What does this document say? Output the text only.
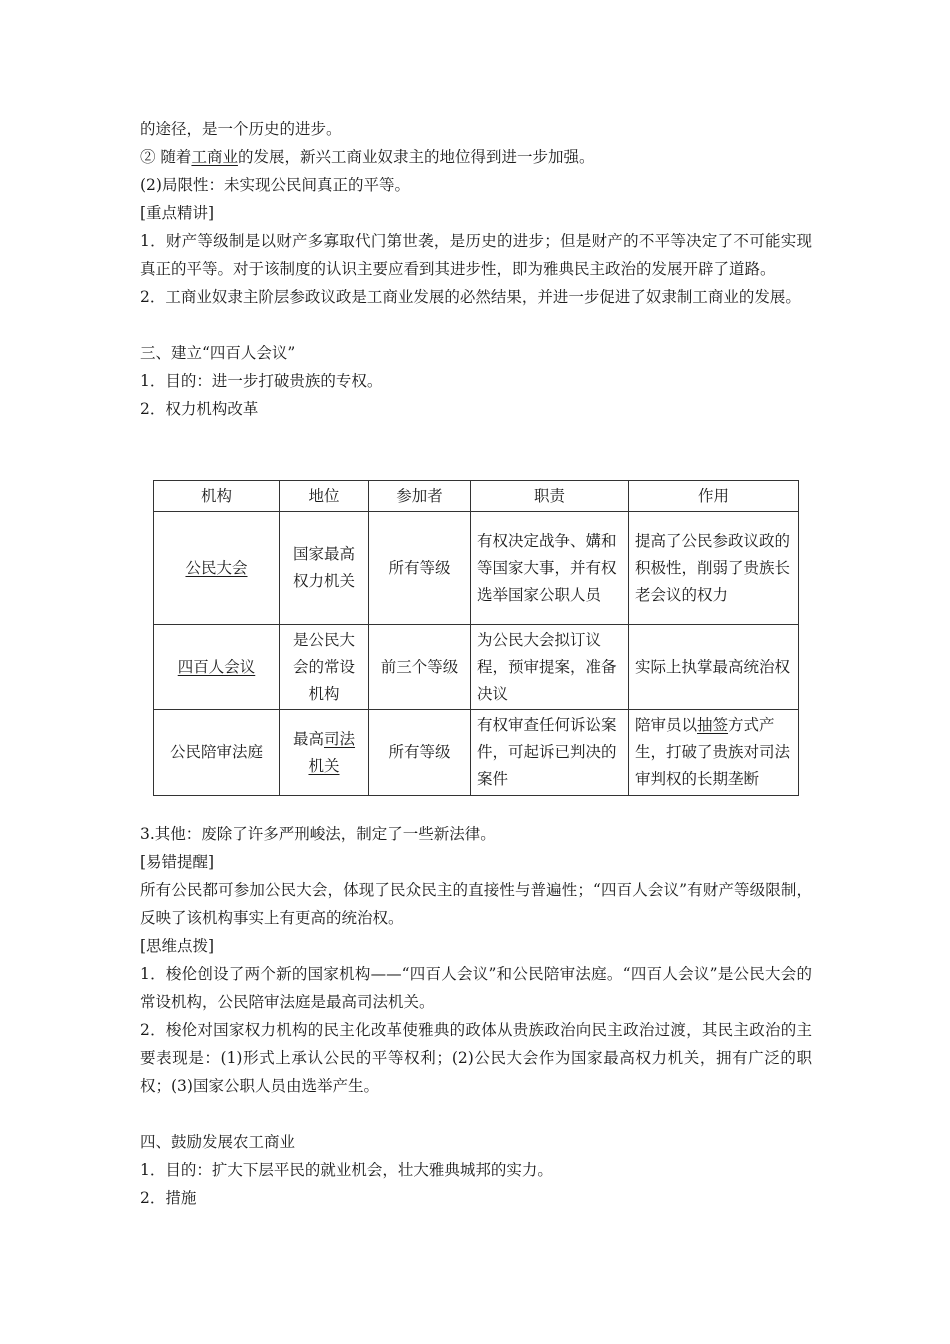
的途径，是一个历史的进步。
② 随着工商业的发展，新兴工商业奴隶主的地位得到进一步加强。
(2)局限性：未实现公民间真正的平等。
[重点精讲]
1．财产等级制是以财产多寡取代门第世袭，是历史的进步；但是财产的不平等决定了不可能实现真正的平等。对于该制度的认识主要应看到其进步性，即为雅典民主政治的发展开辟了道路。
2．工商业奴隶主阶层参政议政是工商业发展的必然结果，并进一步促进了奴隶制工商业的发展。
三、建立“四百人会议”
1．目的：进一步打破贵族的专权。
2．权力机构改革
机构	地位	参加者	职责	作用
公民大会	国家最高权力机关	所有等级	有权决定战争、媾和等国家大事，并有权选举国家公职人员	提高了公民参政议政的积极性，削弱了贵族长老会议的权力
四百人会议	是公民大会的常设机构	前三个等级	为公民大会拟订议程，预审提案，准备决议	实际上执掌最高统治权
公民陪审法庭	最高司法机关	所有等级	有权审查任何诉讼案件，可起诉已判决的案件	陪审员以抽签方式产生，打破了贵族对司法审判权的长期垄断
3.其他：废除了许多严刑峻法，制定了一些新法律。
[易错提醒]
所有公民都可参加公民大会，体现了民众民主的直接性与普遍性；“四百人会议”有财产等级限制，反映了该机构事实上有更高的统治权。
[思维点拨]
1．梭伦创设了两个新的国家机构——“四百人会议”和公民陪审法庭。“四百人会议”是公民大会的常设机构，公民陪审法庭是最高司法机关。
2．梭伦对国家权力机构的民主化改革使雅典的政体从贵族政治向民主政治过渡，其民主政治的主要表现是：(1)形式上承认公民的平等权利；(2)公民大会作为国家最高权力机关，拥有广泛的职权；(3)国家公职人员由选举产生。
四、鼓励发展农工商业
1．目的：扩大下层平民的就业机会，壮大雅典城邦的实力。
2．措施
